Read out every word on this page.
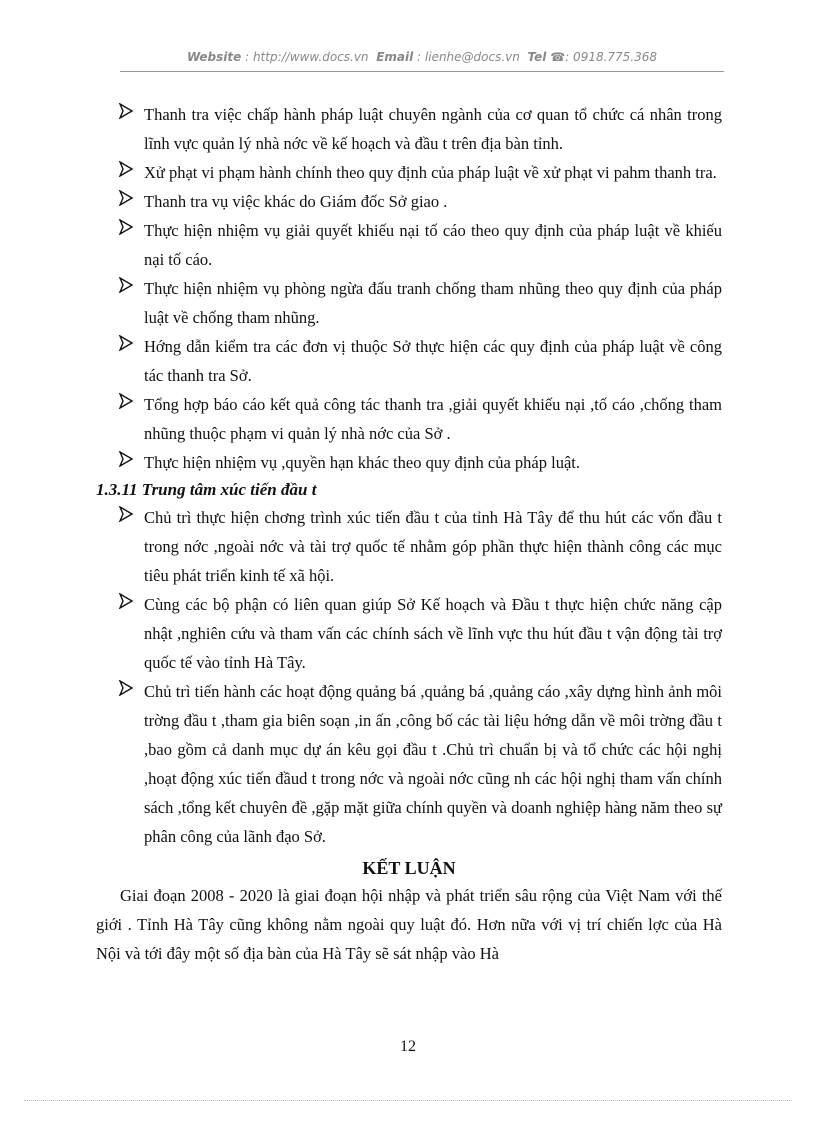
Website : http://www.docs.vn Email : lienhe@docs.vn Tel ☎: 0918.775.368
Thanh tra việc chấp hành pháp luật chuyên ngành của cơ quan tổ chức cá nhân trong lĩnh vực quản lý nhà nớc về kế hoạch và đầu t trên địa bàn tỉnh.
Xử phạt vi phạm hành chính theo quy định của pháp luật về xử phạt vi pahm thanh tra.
Thanh tra vụ việc khác do Giám đốc Sở giao .
Thực hiện nhiệm vụ giải quyết khiếu nại tố cáo theo quy định của pháp luật về khiếu nại tố cáo.
Thực hiện nhiệm vụ phòng ngừa đấu tranh chống tham nhũng theo quy định của pháp luật về chống tham nhũng.
Hớng dẫn kiểm tra các đơn vị thuộc Sở thực hiện các quy định của pháp luật về công tác thanh tra Sở.
Tổng hợp báo cáo kết quả công tác thanh tra ,giải quyết khiếu nại ,tố cáo ,chống tham nhũng thuộc phạm vi quản lý nhà nớc của Sở .
Thực hiện nhiệm vụ ,quyền hạn khác theo quy định của pháp luật.

1.3.11 Trung tâm xúc tiến đầu t

Chủ trì thực hiện chơng trình xúc tiến đầu t của tỉnh Hà Tây để thu hút các vốn đầu t trong nớc ,ngoài nớc và tài trợ quốc tế nhằm góp phần thực hiện thành công các mục tiêu phát triển kinh tế xã hội.
Cùng các bộ phận có liên quan giúp Sở Kế hoạch và Đầu t thực hiện chức năng cập nhật ,nghiên cứu và tham vấn các chính sách về lĩnh vực thu hút đầu t vận động tài trợ quốc tế vào tỉnh Hà Tây.
Chủ trì tiến hành các hoạt động quảng bá ,quảng bá ,quảng cáo ,xây dựng hình ảnh môi trờng đầu t ,tham gia biên soạn ,in ấn ,công bố các tài liệu hớng dẫn về môi trờng đầu t ,bao gồm cả danh mục dự án kêu gọi đầu t .Chủ trì chuẩn bị và tổ chức các hội nghị ,hoạt động xúc tiến đầud t trong nớc và ngoài nớc cũng nh các hội nghị tham vấn chính sách ,tổng kết chuyên đề ,gặp mặt giữa chính quyền và doanh nghiệp hàng năm theo sự phân công của lãnh đạo Sở.
KẾT LUẬN
Giai đoạn 2008 - 2020 là giai đoạn hội nhập và phát triển sâu rộng của Việt Nam với thế giới . Tỉnh Hà Tây cũng không nằm ngoài quy luật đó. Hơn nữa với vị trí chiến lợc của Hà Nội và tới đây một số địa bàn của Hà Tây sẽ sát nhập vào Hà
12
